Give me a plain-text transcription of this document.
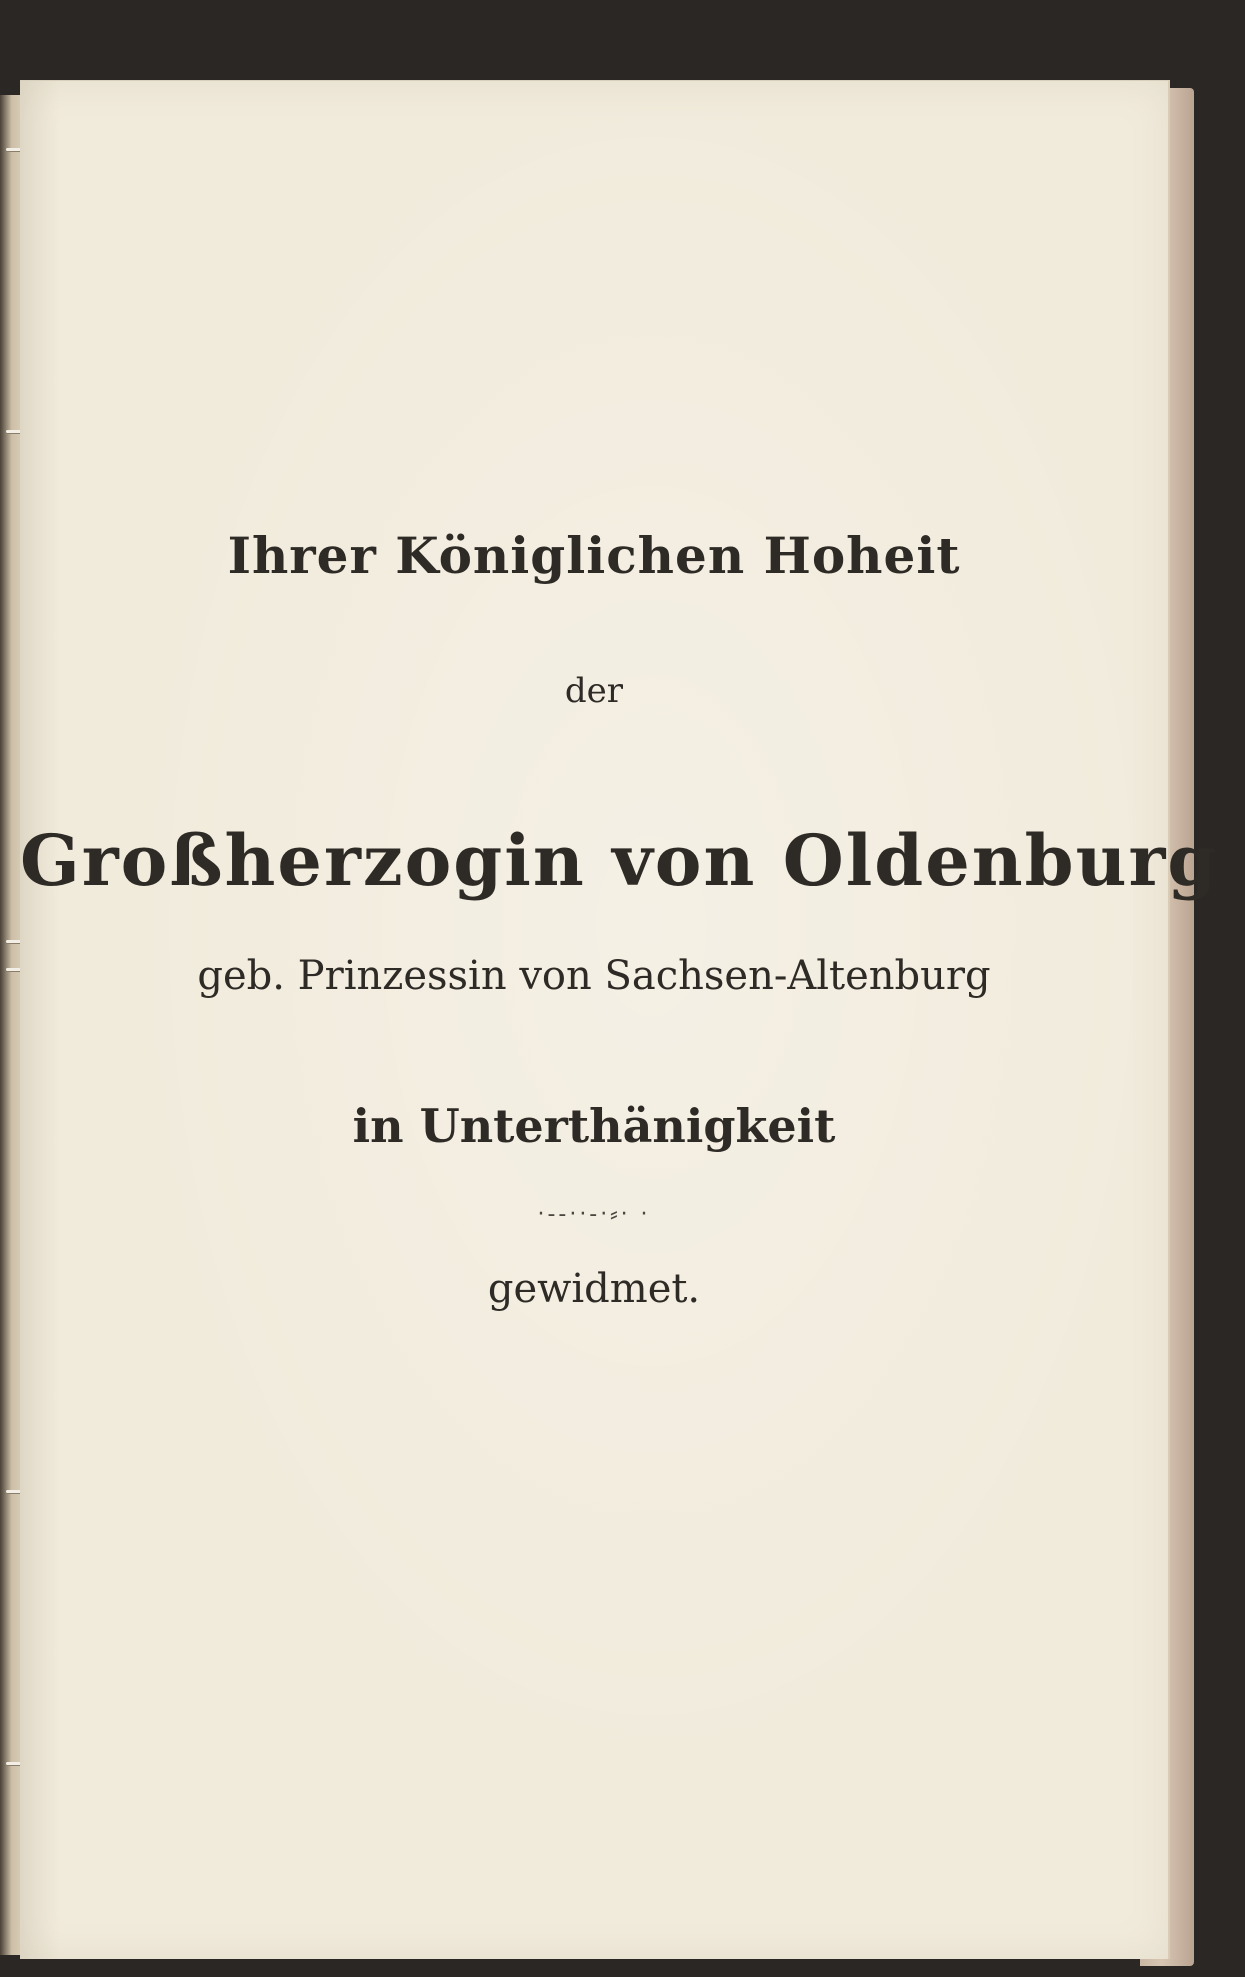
Ihrer Königlichen Hoheit
der
Großherzogin von Oldenburg
geb. Prinzessin von Sachsen-Altenburg
in Unterthänigkeit
·‐‑··‑·⸗· ·
gewidmet.
